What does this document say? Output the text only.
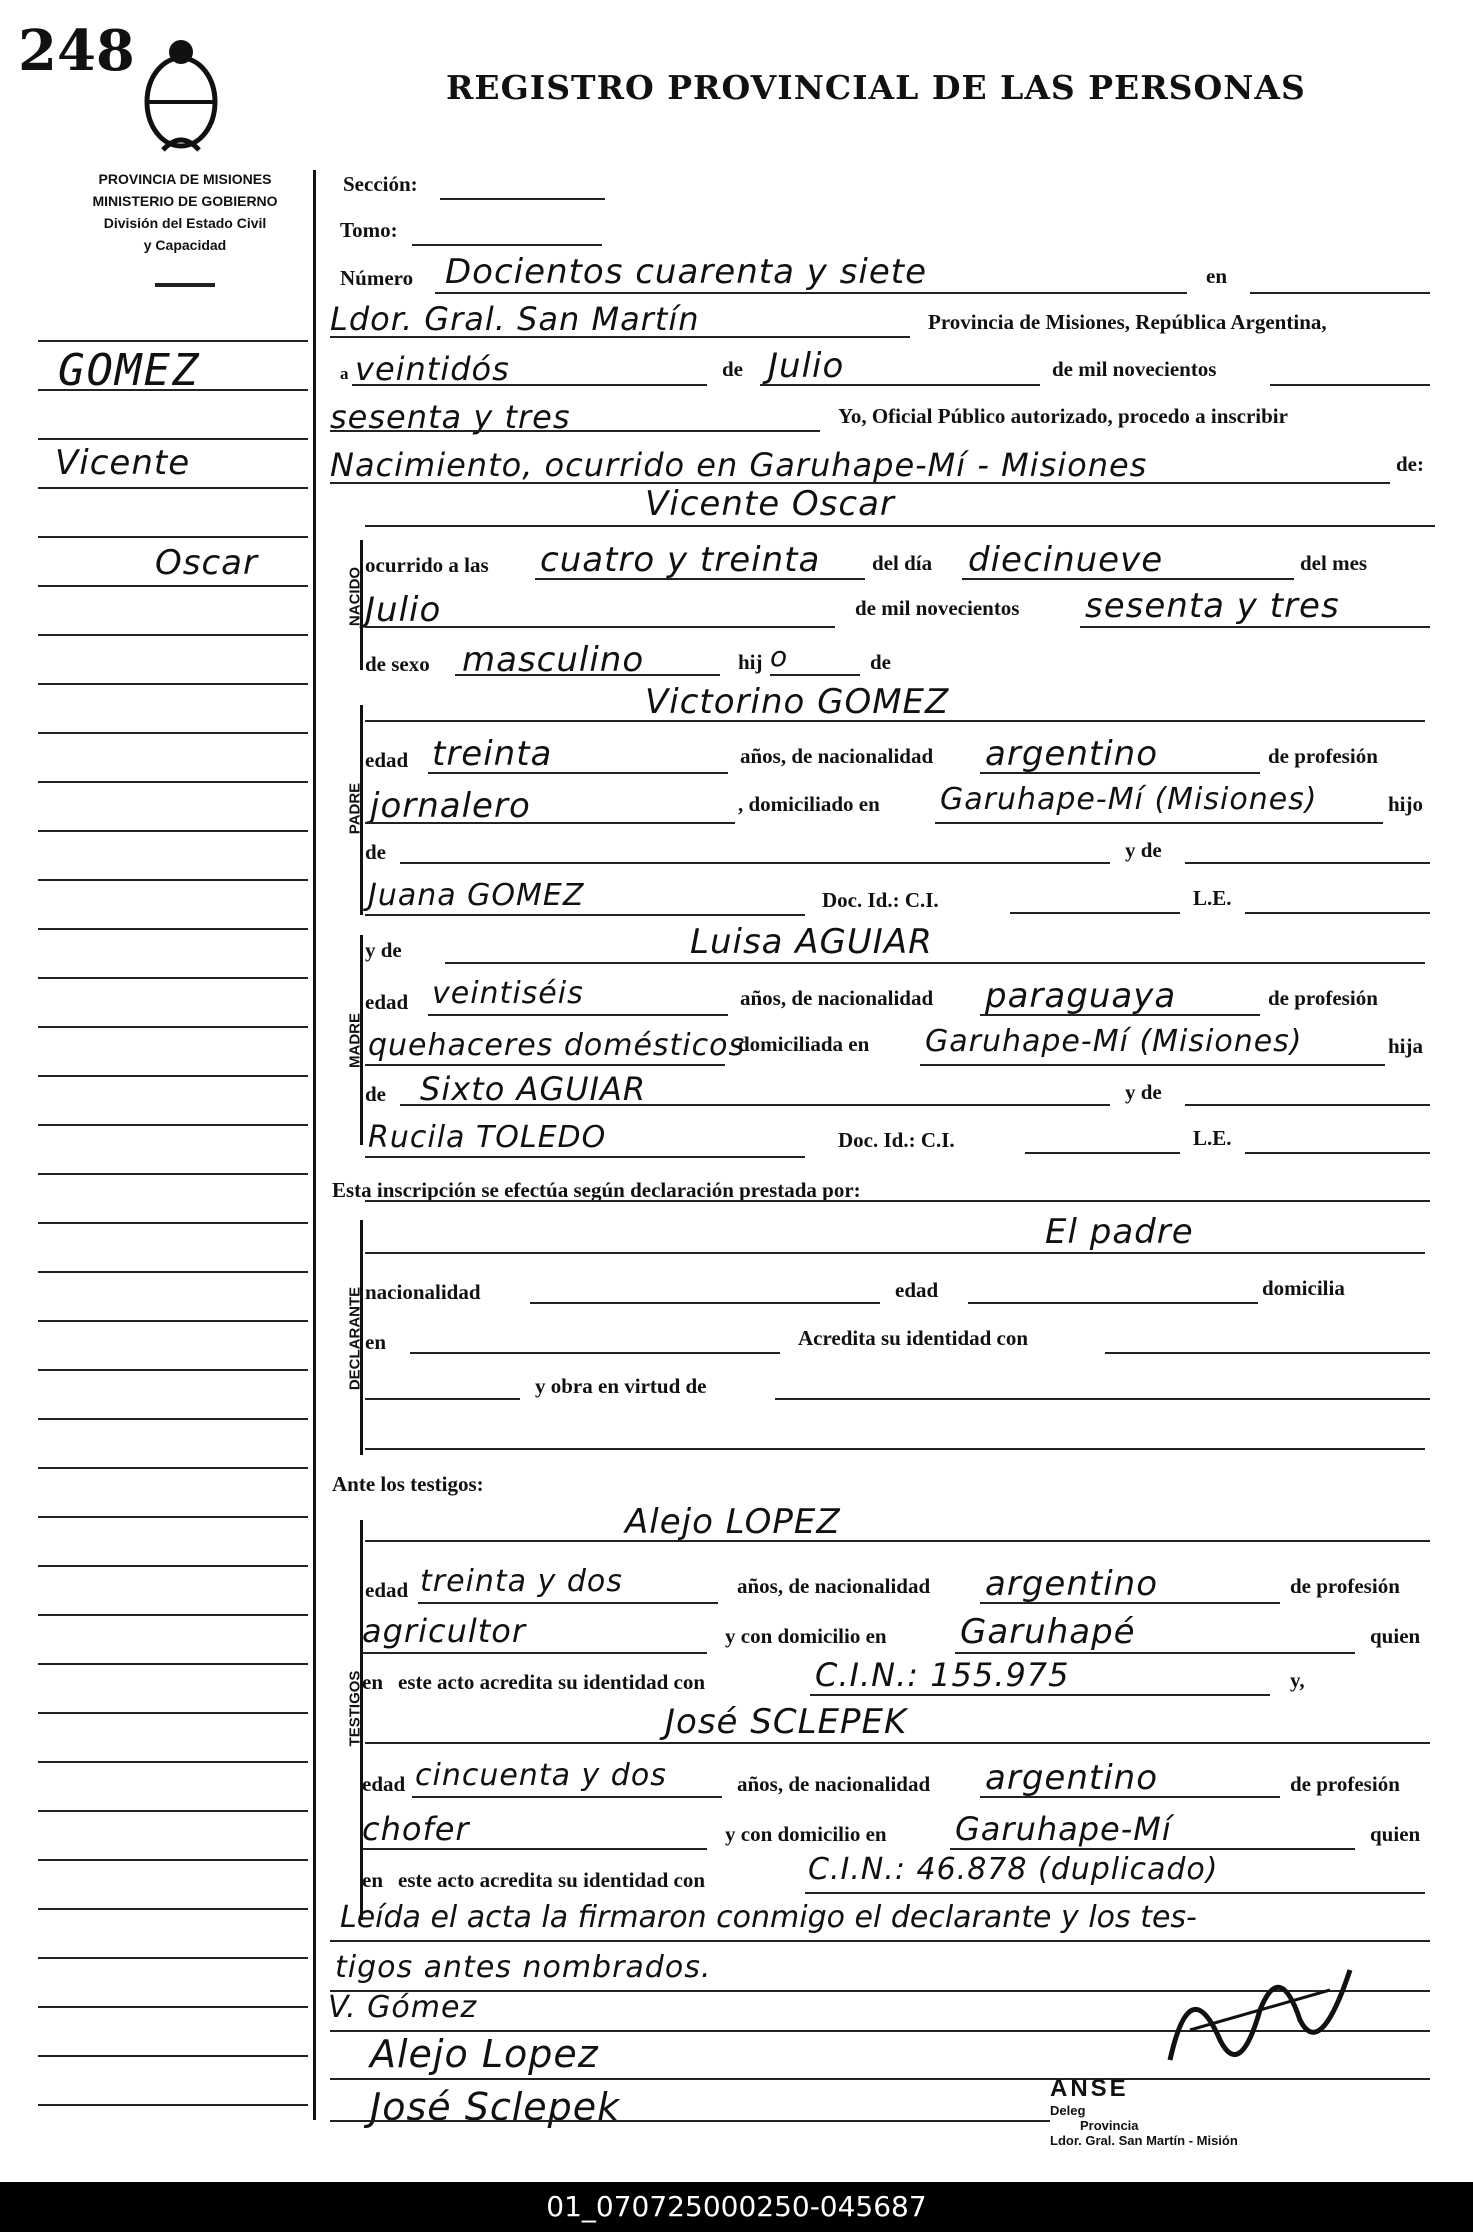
248
PROVINCIA DE MISIONES
MINISTERIO DE GOBIERNO
División del Estado Civil
y Capacidad
REGISTRO PROVINCIAL DE LAS PERSONAS
GOMEZ
Vicente
Oscar
NACIDO
PADRE
MADRE
DECLARANTE
TESTIGOS
Sección:
Tomo:
Número Docientos cuarenta y siete	en
Ldor. Gral. San Martín	Provincia de Misiones, República Argentina,
a veintidós	de Julio	de mil novecientos
sesenta y tres	Yo, Oficial Público autorizado, procedo a inscribir
Nacimiento, ocurrido en Garuhape-Mí - Misiones	de:
Vicente Oscar
ocurrido a las cuatro y treinta del día diecinueve	del mes
Julio	de mil novecientos sesenta y tres
de sexo masculino	hij o	de
Victorino GOMEZ
edad treinta	años, de nacionalidad argentino	de profesión
jornalero	, domiciliado en Garuhape-Mí (Misiones)	hijo
de	y de
Juana GOMEZ	Doc. Id.: C.I.	L.E.
y de	Luisa AGUIAR
edad veintiséis	años, de nacionalidad paraguaya	de profesión
quehaceres domésticos
domiciliada en Garuhape-Mí (Misiones)	hija
de Sixto AGUIAR	y de
Rucila TOLEDO	Doc. Id.: C.I.	L.E.
Esta inscripción se efectúa según declaración prestada por:
El padre
nacionalidad	edad	domicilia
en	Acredita su identidad con
y obra en virtud de
Ante los testigos:
Alejo LOPEZ
edad treinta y dos	años, de nacionalidad argentino	de profesión
agricultor	y con domicilio en Garuhapé	quien
en este acto acredita su identidad con	C.I.N.: 155.975	y,
José SCLEPEK
edad cincuenta y dos	años, de nacionalidad argentino	de profesión
chofer	y con domicilio en Garuhape-Mí	quien
en este acto acredita su identidad con	C.I.N.: 46.878 (duplicado)
Leída el acta la firmaron conmigo el declarante y los tes-
tigos antes nombrados.
V. Gómez
Alejo Lopez
José Sclepek	ANSE
Deleg
Provincia
Ldor. Gral. San Martín - Misión
01_070725000250-045687
